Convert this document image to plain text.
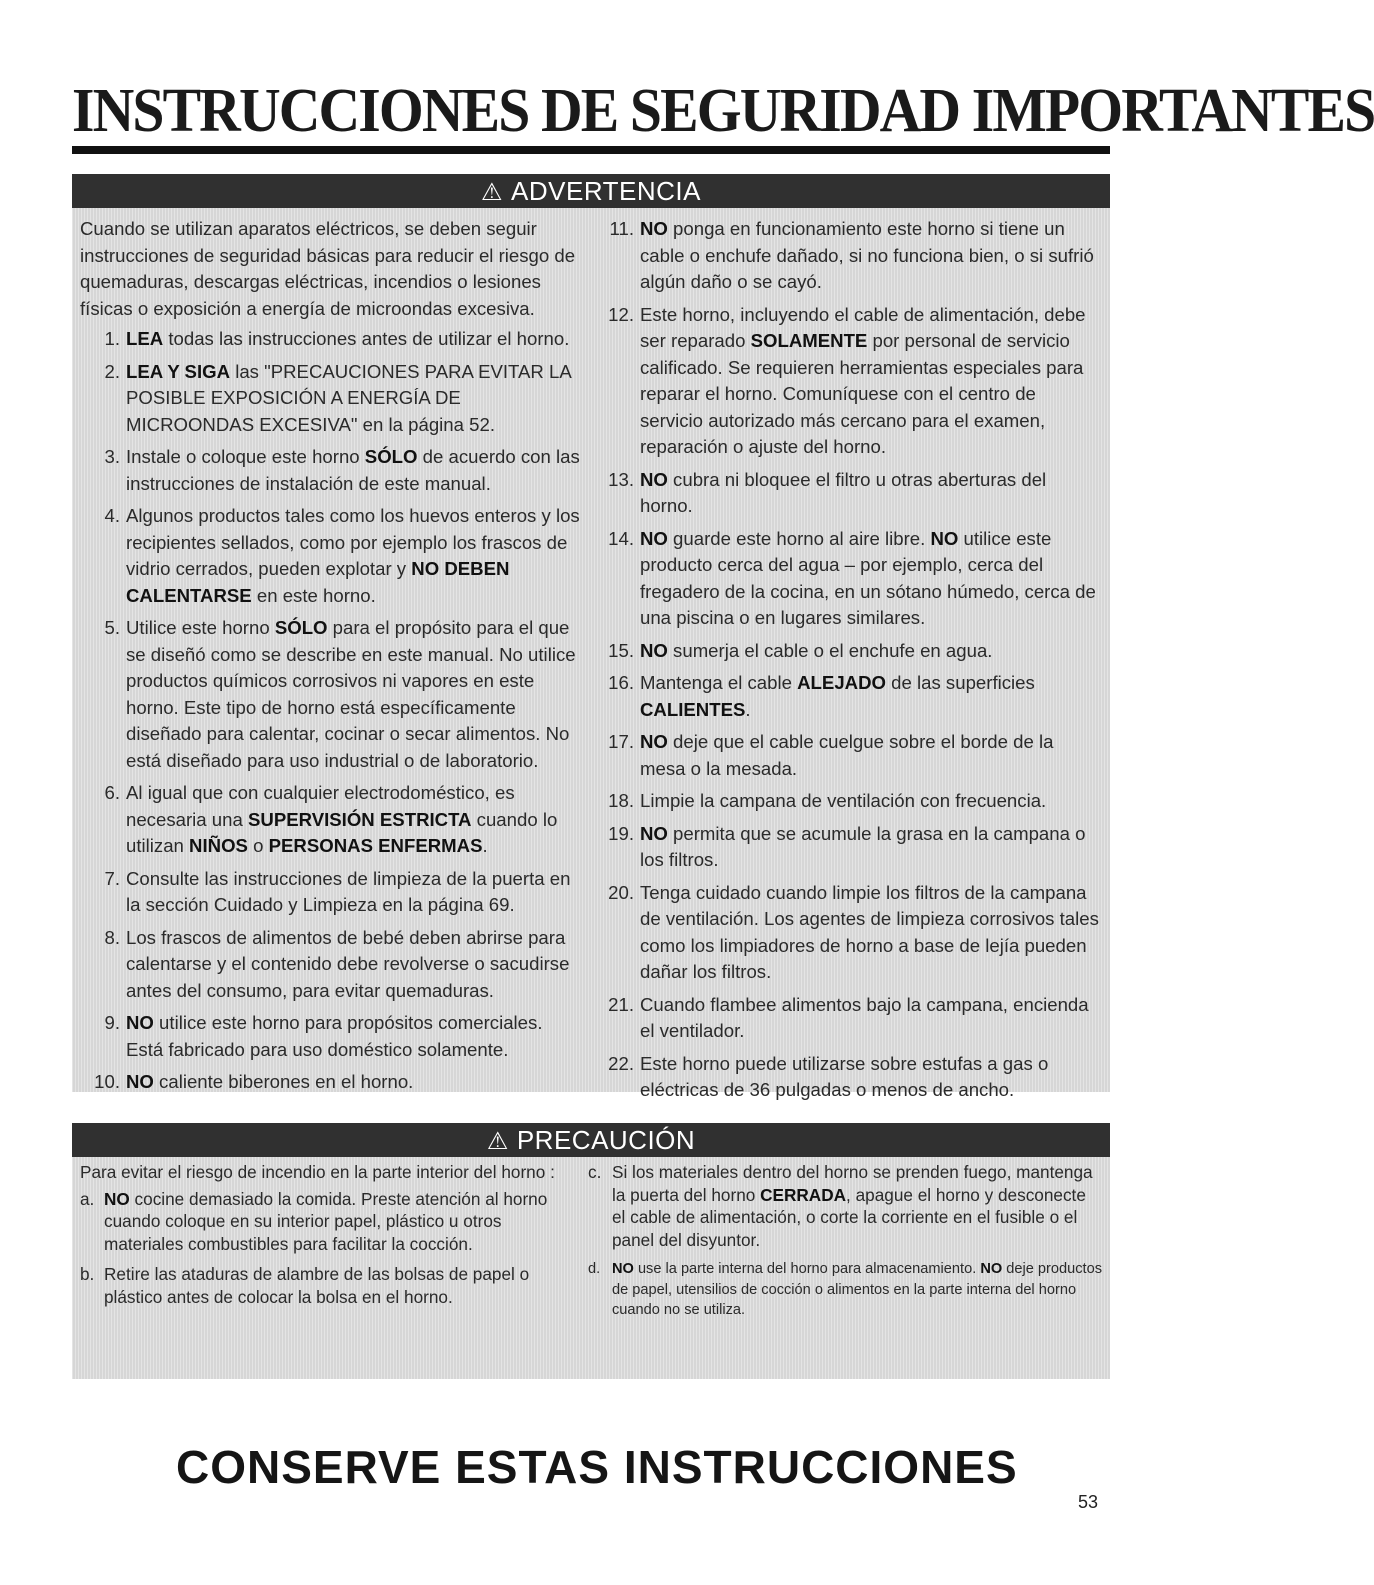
INSTRUCCIONES DE SEGURIDAD IMPORTANTES
⚠ ADVERTENCIA

Cuando se utilizan aparatos eléctricos, se deben seguir instrucciones de seguridad básicas para reducir el riesgo de quemaduras, descargas eléctricas, incendios o lesiones físicas o exposición a energía de microondas excesiva.

1. LEA todas las instrucciones antes de utilizar el horno.
2. LEA Y SIGA las "PRECAUCIONES PARA EVITAR LA POSIBLE EXPOSICIÓN A ENERGÍA DE MICROONDAS EXCESIVA" en la página 52.
3. Instale o coloque este horno SÓLO de acuerdo con las instrucciones de instalación de este manual.
4. Algunos productos tales como los huevos enteros y los recipientes sellados, como por ejemplo los frascos de vidrio cerrados, pueden explotar y NO DEBEN CALENTARSE en este horno.
5. Utilice este horno SÓLO para el propósito para el que se diseñó como se describe en este manual. No utilice productos químicos corrosivos ni vapores en este horno. Este tipo de horno está específicamente diseñado para calentar, cocinar o secar alimentos. No está diseñado para uso industrial o de laboratorio.
6. Al igual que con cualquier electrodoméstico, es necesaria una SUPERVISIÓN ESTRICTA cuando lo utilizan NIÑOS o PERSONAS ENFERMAS.
7. Consulte las instrucciones de limpieza de la puerta en la sección Cuidado y Limpieza en la página 69.
8. Los frascos de alimentos de bebé deben abrirse para calentarse y el contenido debe revolverse o sacudirse antes del consumo, para evitar quemaduras.
9. NO utilice este horno para propósitos comerciales. Está fabricado para uso doméstico solamente.
10. NO caliente biberones en el horno.
11. NO ponga en funcionamiento este horno si tiene un cable o enchufe dañado, si no funciona bien, o si sufrió algún daño o se cayó.
12. Este horno, incluyendo el cable de alimentación, debe ser reparado SOLAMENTE por personal de servicio calificado. Se requieren herramientas especiales para reparar el horno. Comuníquese con el centro de servicio autorizado más cercano para el examen, reparación o ajuste del horno.
13. NO cubra ni bloquee el filtro u otras aberturas del horno.
14. NO guarde este horno al aire libre. NO utilice este producto cerca del agua – por ejemplo, cerca del fregadero de la cocina, en un sótano húmedo, cerca de una piscina o en lugares similares.
15. NO sumerja el cable o el enchufe en agua.
16. Mantenga el cable ALEJADO de las superficies CALIENTES.
17. NO deje que el cable cuelgue sobre el borde de la mesa o la mesada.
18. Limpie la campana de ventilación con frecuencia.
19. NO permita que se acumule la grasa en la campana o los filtros.
20. Tenga cuidado cuando limpie los filtros de la campana de ventilación. Los agentes de limpieza corrosivos tales como los limpiadores de horno a base de lejía pueden dañar los filtros.
21. Cuando flambee alimentos bajo la campana, encienda el ventilador.
22. Este horno puede utilizarse sobre estufas a gas o eléctricas de 36 pulgadas o menos de ancho.
⚠ PRECAUCIÓN

Para evitar el riesgo de incendio en la parte interior del horno :

a. NO cocine demasiado la comida. Preste atención al horno cuando coloque en su interior papel, plástico u otros materiales combustibles para facilitar la cocción.
b. Retire las ataduras de alambre de las bolsas de papel o plástico antes de colocar la bolsa en el horno.
c. Si los materiales dentro del horno se prenden fuego, mantenga la puerta del horno CERRADA, apague el horno y desconecte el cable de alimentación, o corte la corriente en el fusible o el panel del disyuntor.
d. NO use la parte interna del horno para almacenamiento. NO deje productos de papel, utensilios de cocción o alimentos en la parte interna del horno cuando no se utiliza.
CONSERVE ESTAS INSTRUCCIONES
53
